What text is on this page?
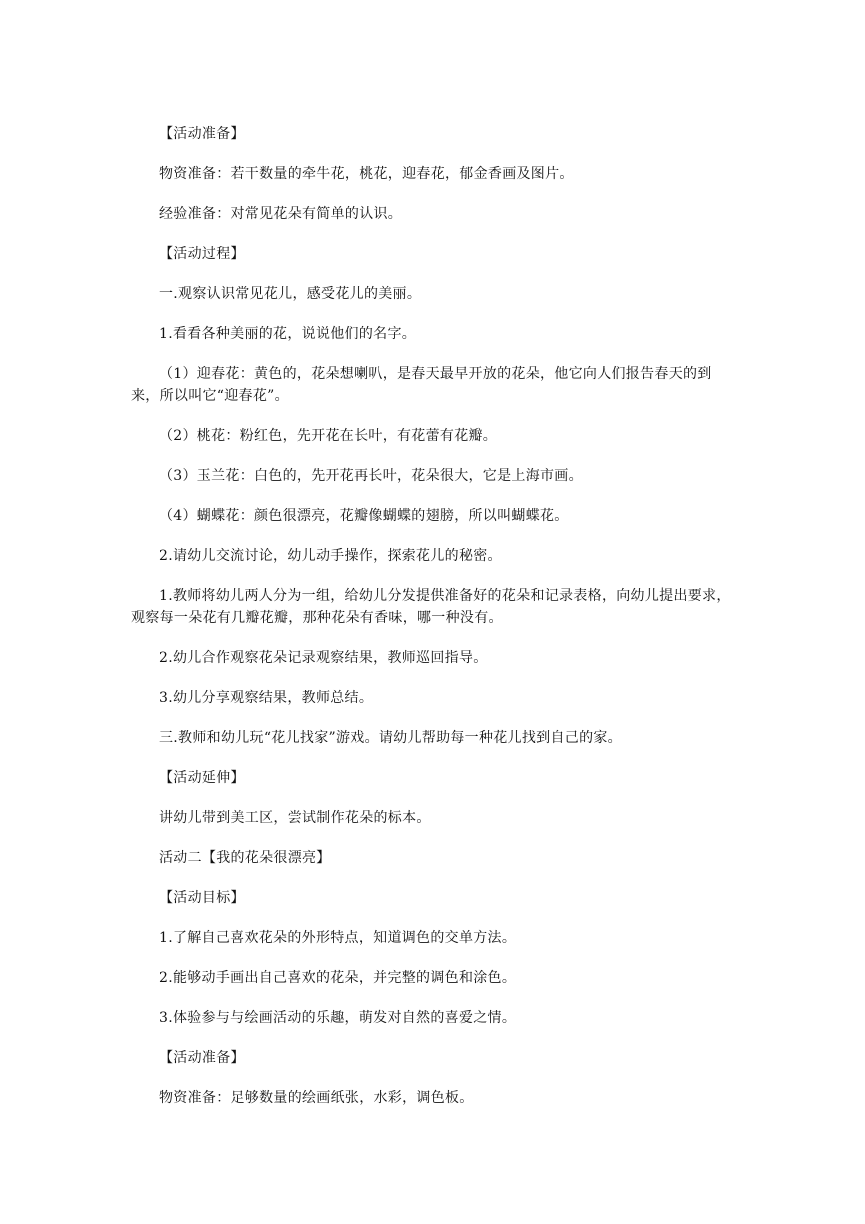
【活动准备】

物资准备：若干数量的牵牛花，桃花，迎春花，郁金香画及图片。

经验准备：对常见花朵有简单的认识。

【活动过程】

一.观察认识常见花儿，感受花儿的美丽。

1.看看各种美丽的花，说说他们的名字。

（1）迎春花：黄色的，花朵想喇叭，是春天最早开放的花朵，他它向人们报告春天的到来，所以叫它“迎春花”。

（2）桃花：粉红色，先开花在长叶，有花蕾有花瓣。

（3）玉兰花：白色的，先开花再长叶，花朵很大，它是上海市画。

（4）蝴蝶花：颜色很漂亮，花瓣像蝴蝶的翅膀，所以叫蝴蝶花。

2.请幼儿交流讨论，幼儿动手操作，探索花儿的秘密。

1.教师将幼儿两人分为一组，给幼儿分发提供准备好的花朵和记录表格，向幼儿提出要求，观察每一朵花有几瓣花瓣，那种花朵有香味，哪一种没有。

2.幼儿合作观察花朵记录观察结果，教师巡回指导。

3.幼儿分享观察结果，教师总结。

三.教师和幼儿玩“花儿找家”游戏。请幼儿帮助每一种花儿找到自己的家。

【活动延伸】

讲幼儿带到美工区，尝试制作花朵的标本。

活动二【我的花朵很漂亮】

【活动目标】

1.了解自己喜欢花朵的外形特点，知道调色的交单方法。

2.能够动手画出自己喜欢的花朵，并完整的调色和涂色。

3.体验参与与绘画活动的乐趣，萌发对自然的喜爱之情。

【活动准备】

物资准备：足够数量的绘画纸张，水彩，调色板。
